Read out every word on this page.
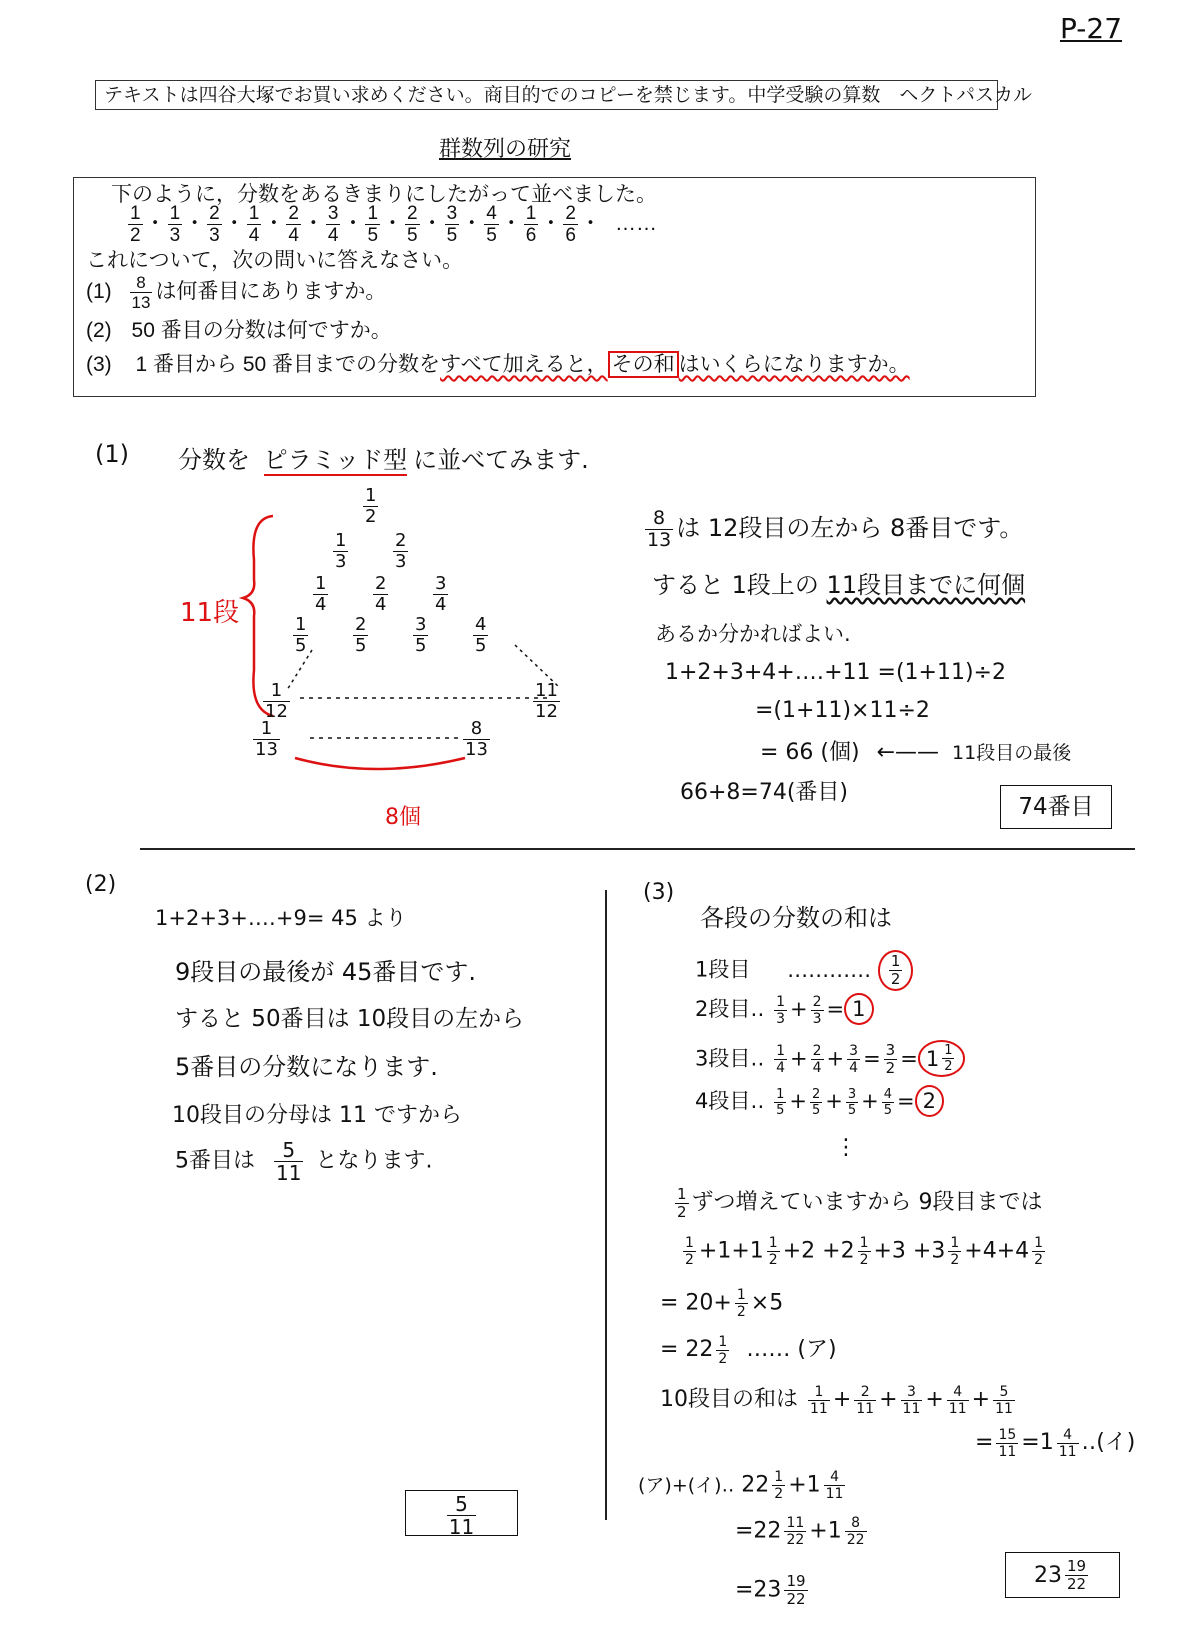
P-27
テキストは四谷大塚でお買い求めください。商目的でのコピーを禁じます。中学受験の算数　ヘクトパスカル
群数列の研究
下のように，分数をあるきまりにしたがって並べました。
$\frac{1}{2}$ ・ $\frac{1}{3}$ ・ $\frac{2}{3}$ ・ $\frac{1}{4}$ ・ $\frac{2}{4}$ ・ $\frac{3}{4}$ ・ $\frac{1}{5}$ ・ $\frac{2}{5}$ ・ $\frac{3}{5}$ ・ $\frac{4}{5}$ ・ $\frac{1}{6}$ ・ $\frac{2}{6}$ ・ ……
これについて，次の問いに答えなさい。
$(1) \frac{8}{13}$ は何番目にありますか。
(2) 50 番目の分数は何ですか。
(3) 1 番目から 50 番目までの分数をすべて加えると， その和 はいくらになりますか。
(1) 分数を ピラミッド型 に並べてみます.
11段
8個
$\frac{1}{2}$
$\frac{1}{3} \frac{2}{3}$
$\frac{1}{4} \frac{2}{4} \frac{3}{4}$
$\frac{1}{5} \frac{2}{5} \frac{3}{5} \frac{4}{5}$
$\frac{1}{12}$	$\frac{11}{12}$
$\frac{1}{13}$	$\frac{8}{13}$
$\frac{8}{13}$ は 12段目の左から 8番目です。
すると 1段上の 11段目までに何個
あるか分かればよい.
1+2+3+4+‥‥+11 =(1+11)÷2
=(1+11)×11÷2
= 66 (個) ←—— 11段目の最後
66+8=74(番目)
74番目
(2)
1+2+3+‥‥+9= 45 より
9段目の最後が 45番目です.
すると 50番目は 10段目の左から
5番目の分数になります.
10段目の分母は 11 ですから
5番目は $\frac{5}{11}$ となります.
$\frac{5}{11}$
(3)
各段の分数の和は
1段目 ‥‥‥‥‥‥ $\frac{1}{2}$
2段目‥ $\frac{1}{3} + \frac{2}{3} = 1$
3段目‥ $\frac{1}{4} + \frac{2}{4} + \frac{3}{4} = \frac{3}{2} = 1 \frac{1}{2}$
4段目‥ $\frac{1}{5} + \frac{2}{5} + \frac{3}{5} + \frac{4}{5} = 2$
⋮
$\frac{1}{2}$ ずつ増えていますから 9段目までは
$\frac{1}{2} +1+1 \frac{1}{2} +2 +2 \frac{1}{2} +3 +3 \frac{1}{2} +4+4 \frac{1}{2}$
= $20+ \frac{1}{2} \times 5$
= $22 \frac{1}{2}$ ‥‥‥ (ア)
10段目の和は $\frac{1}{11} + \frac{2}{11} + \frac{3}{11} + \frac{4}{11} + \frac{5}{11}$
= $\frac{15}{11} =1 \frac{4}{11}$ ‥(イ)
(ア)+(イ)‥ $22 \frac{1}{2} +1 \frac{4}{11}$
$=22 \frac{11}{22} +1 \frac{8}{22}$
$=23 \frac{19}{22}$	$23 \frac{19}{22}$
